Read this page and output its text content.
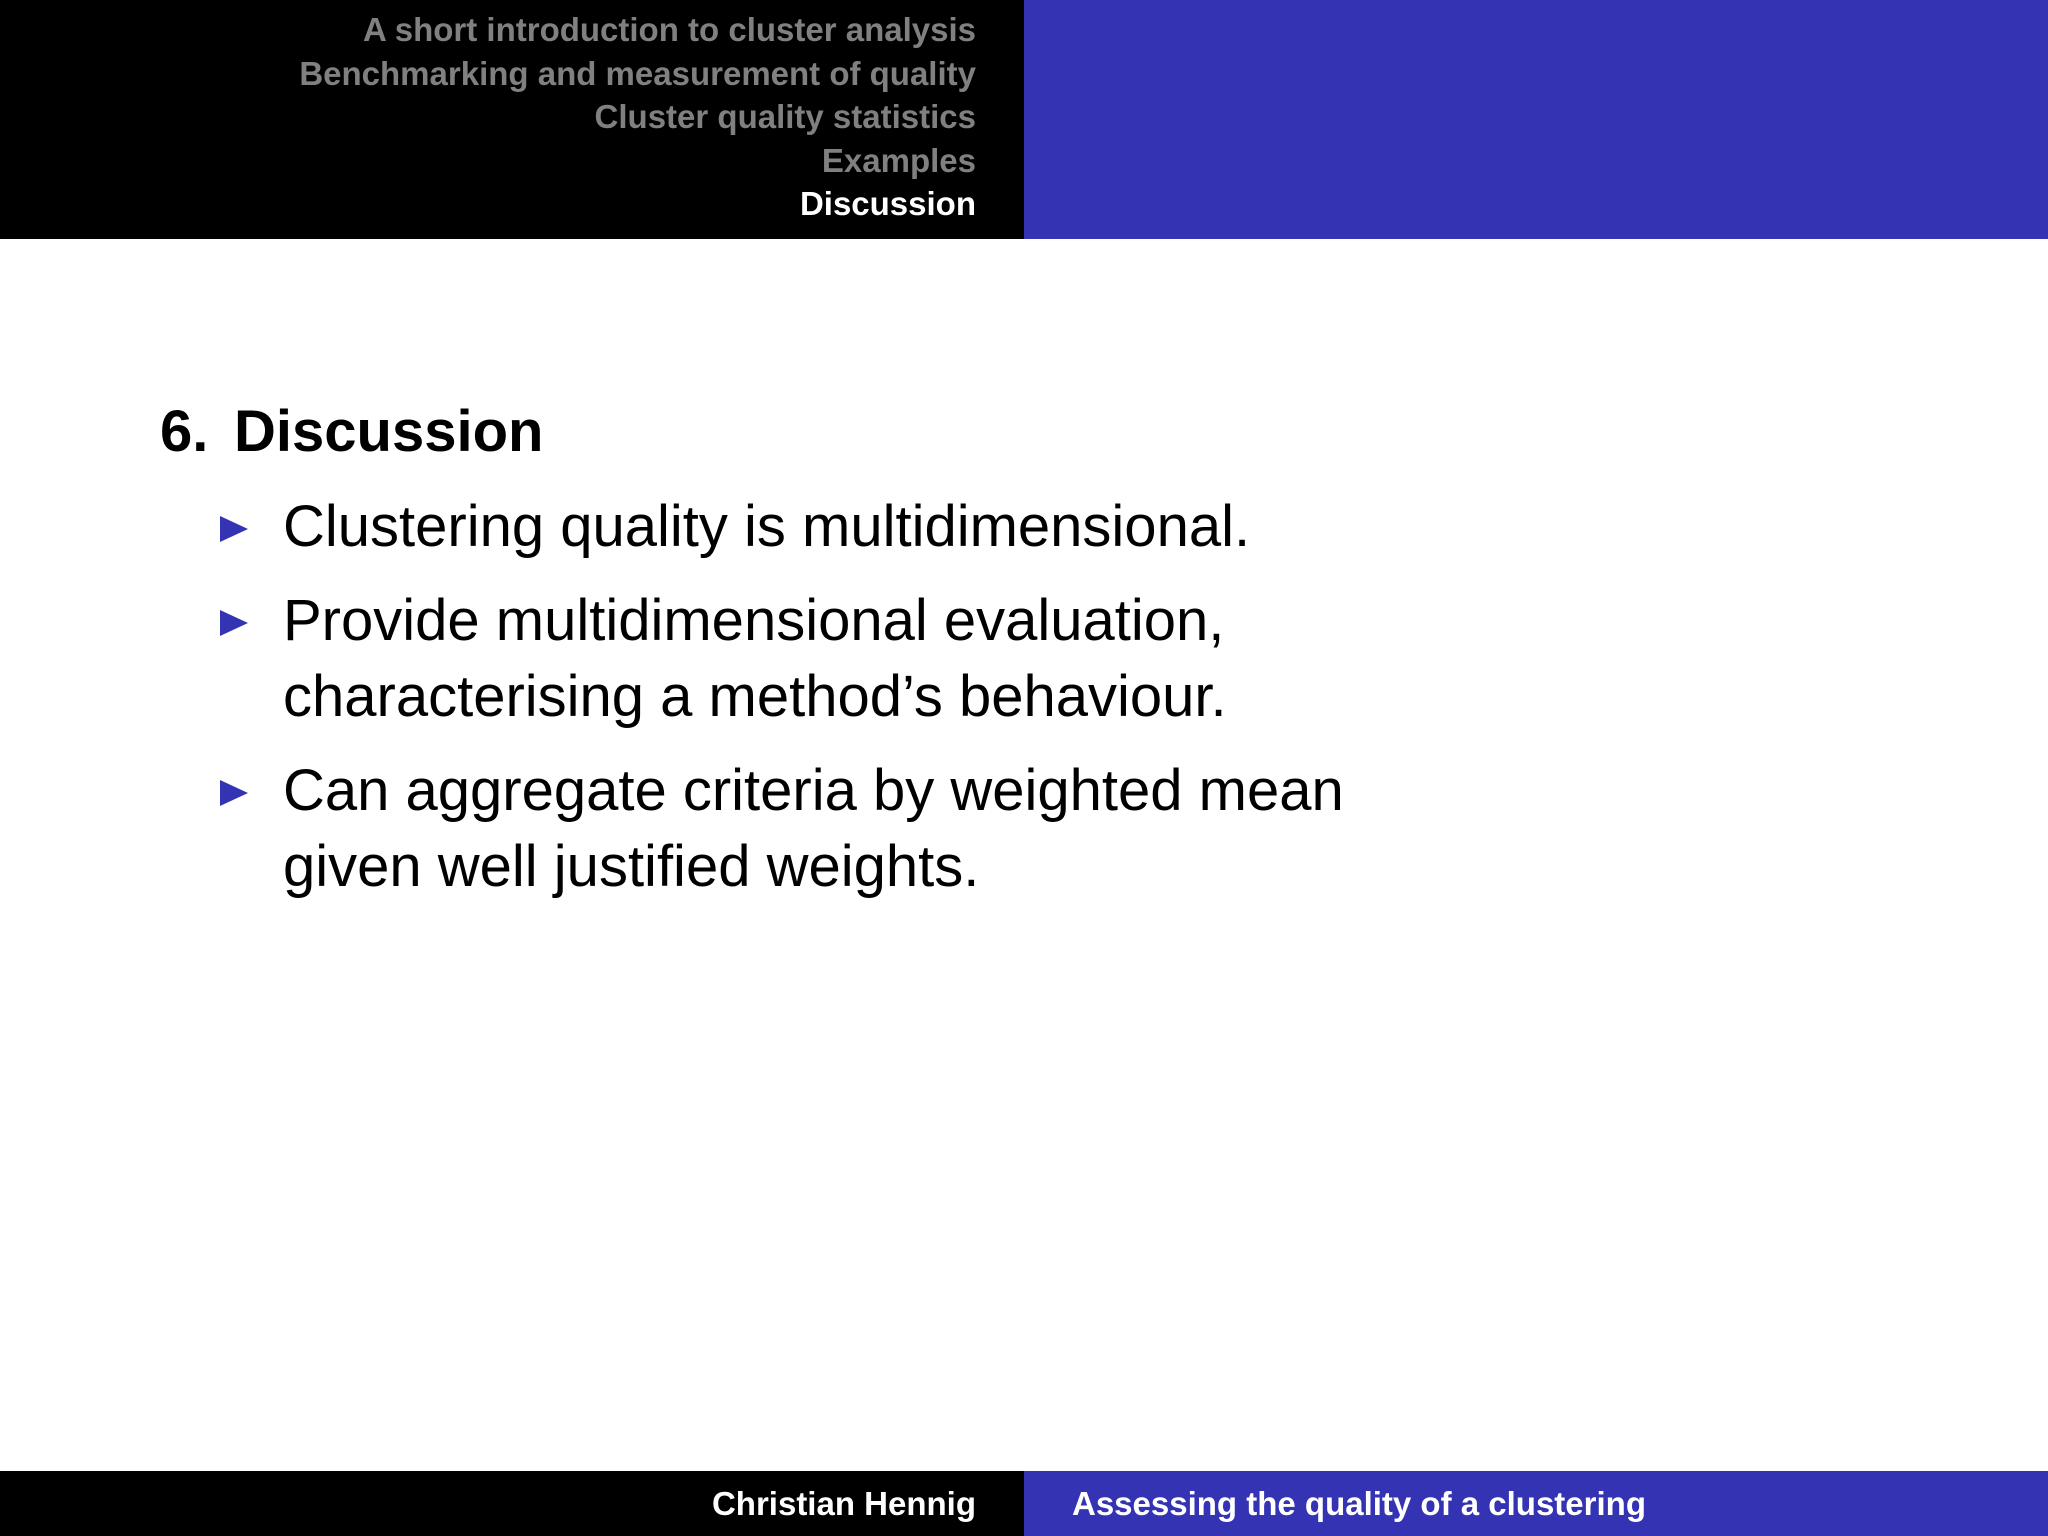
A short introduction to cluster analysis
Benchmarking and measurement of quality
Cluster quality statistics
Examples
Discussion
6. Discussion
Clustering quality is multidimensional.
Provide multidimensional evaluation,
characterising a method’s behaviour.
Can aggregate criteria by weighted mean
given well justified weights.
Christian Hennig	Assessing the quality of a clustering
